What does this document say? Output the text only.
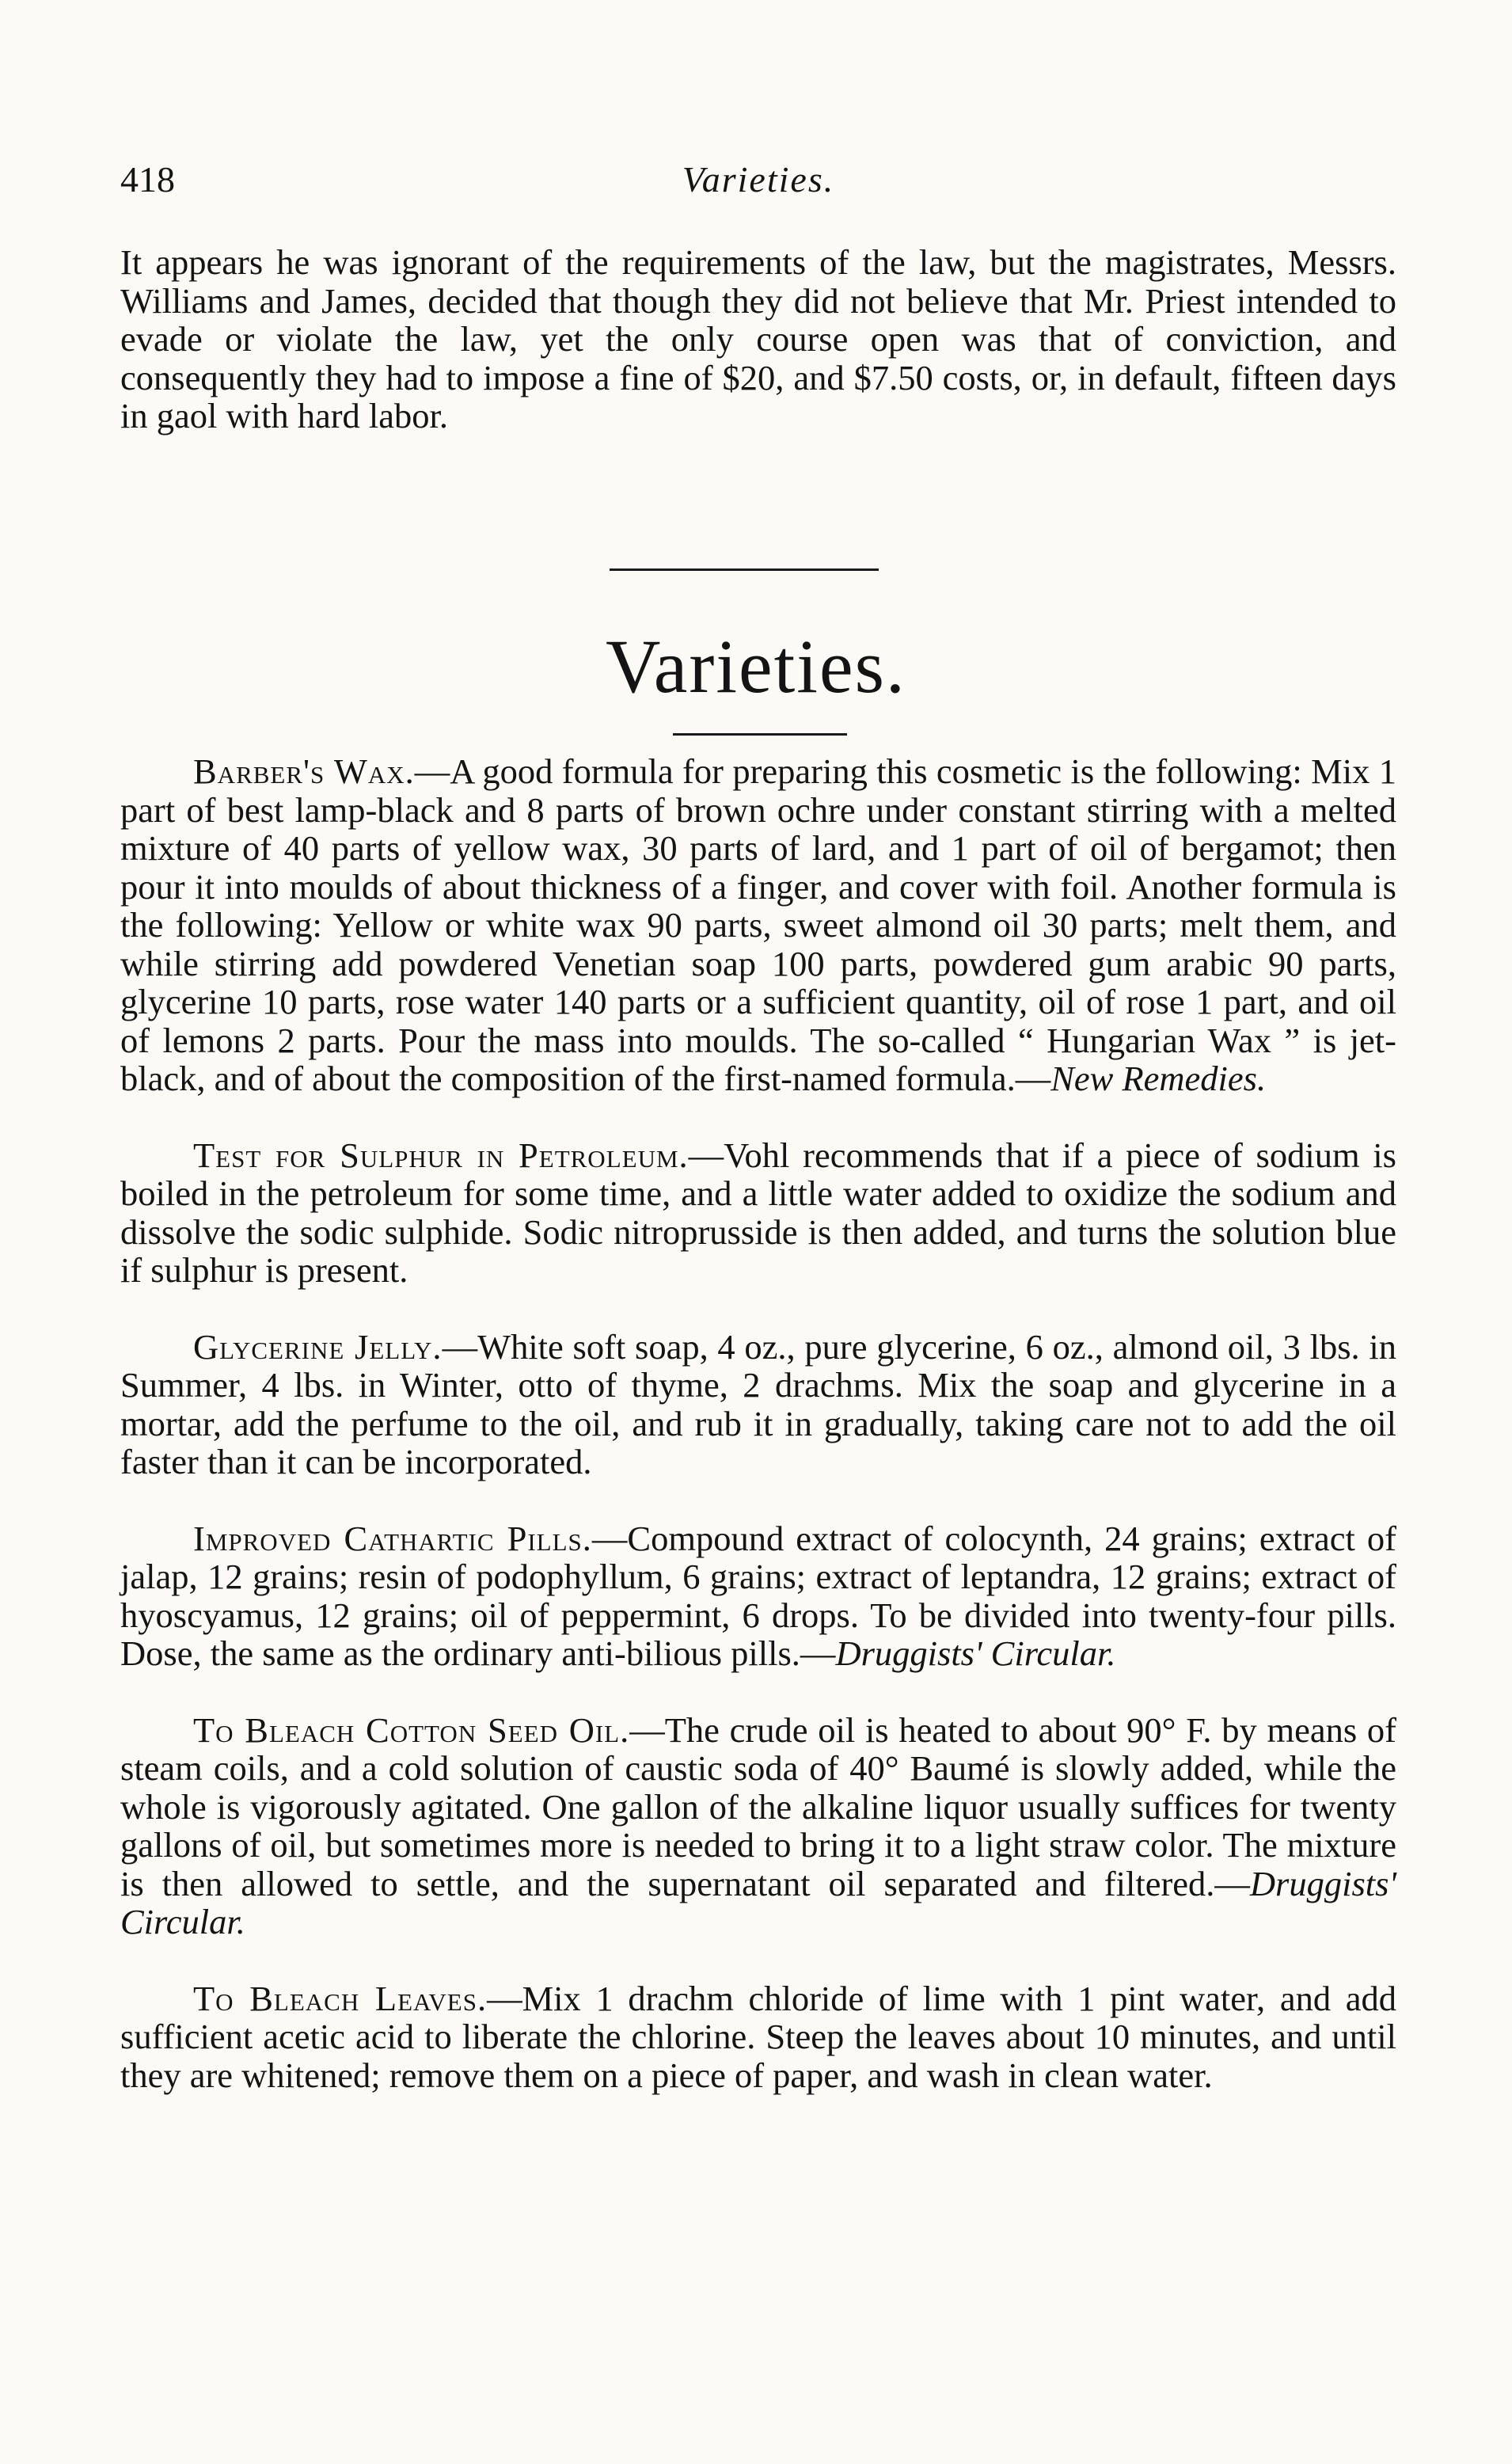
418	Varieties.

It appears he was ignorant of the requirements of the law, but the magistrates, Messrs. Williams and James, decided that though they did not believe that Mr. Priest intended to evade or violate the law, yet the only course open was that of conviction, and consequently they had to impose a fine of $20, and $7.50 costs, or, in default, fifteen days in gaol with hard labor.

Varieties.

Barber's Wax.—A good formula for preparing this cosmetic is the following: Mix 1 part of best lamp-black and 8 parts of brown ochre under constant stirring with a melted mixture of 40 parts of yellow wax, 30 parts of lard, and 1 part of oil of bergamot; then pour it into moulds of about thickness of a finger, and cover with foil. Another formula is the following: Yellow or white wax 90 parts, sweet almond oil 30 parts; melt them, and while stirring add powdered Venetian soap 100 parts, powdered gum arabic 90 parts, glycerine 10 parts, rose water 140 parts or a sufficient quantity, oil of rose 1 part, and oil of lemons 2 parts. Pour the mass into moulds. The so-called “ Hungarian Wax ” is jet-black, and of about the composition of the first-named formula.—New Remedies.

Test for Sulphur in Petroleum.—Vohl recommends that if a piece of sodium is boiled in the petroleum for some time, and a little water added to oxidize the sodium and dissolve the sodic sulphide. Sodic nitroprusside is then added, and turns the solution blue if sulphur is present.

Glycerine Jelly.—White soft soap, 4 oz., pure glycerine, 6 oz., almond oil, 3 lbs. in Summer, 4 lbs. in Winter, otto of thyme, 2 drachms. Mix the soap and glycerine in a mortar, add the perfume to the oil, and rub it in gradually, taking care not to add the oil faster than it can be incorporated.

Improved Cathartic Pills.—Compound extract of colocynth, 24 grains; extract of jalap, 12 grains; resin of podophyllum, 6 grains; extract of leptandra, 12 grains; extract of hyoscyamus, 12 grains; oil of peppermint, 6 drops. To be divided into twenty-four pills. Dose, the same as the ordinary anti-bilious pills.—Druggists' Circular.

To Bleach Cotton Seed Oil.—The crude oil is heated to about 90° F. by means of steam coils, and a cold solution of caustic soda of 40° Baumé is slowly added, while the whole is vigorously agitated. One gallon of the alkaline liquor usually suffices for twenty gallons of oil, but sometimes more is needed to bring it to a light straw color. The mixture is then allowed to settle, and the supernatant oil separated and filtered.—Druggists' Circular.

To Bleach Leaves.—Mix 1 drachm chloride of lime with 1 pint water, and add sufficient acetic acid to liberate the chlorine. Steep the leaves about 10 minutes, and until they are whitened; remove them on a piece of paper, and wash in clean water.
